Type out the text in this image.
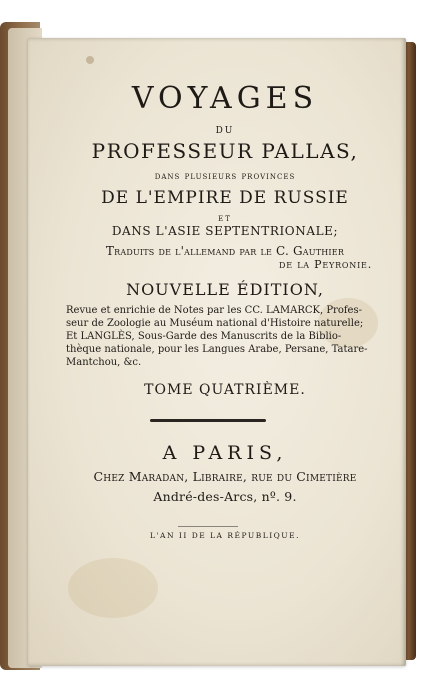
VOYAGES
DU
PROFESSEUR PALLAS,
dans plusieurs provinces
DE L'EMPIRE DE RUSSIE
ET
DANS L'ASIE SEPTENTRIONALE;
Traduits de l'allemand par le C. Gauthier
de la Peyronie.
NOUVELLE ÉDITION,
Revue et enrichie de Notes par les CC. LAMARCK, Profes-
seur de Zoologie au Muséum national d'Histoire naturelle;
Et LANGLÈS, Sous-Garde des Manuscrits de la Biblio-
thèque nationale, pour les Langues Arabe, Persane, Tatare-
Mantchou, &c.
TOME QUATRIÈME.
A PARIS,
Chez Maradan, Libraire, rue du Cimetière
André-des-Arcs, nº. 9.
L'AN II DE LA RÉPUBLIQUE.
